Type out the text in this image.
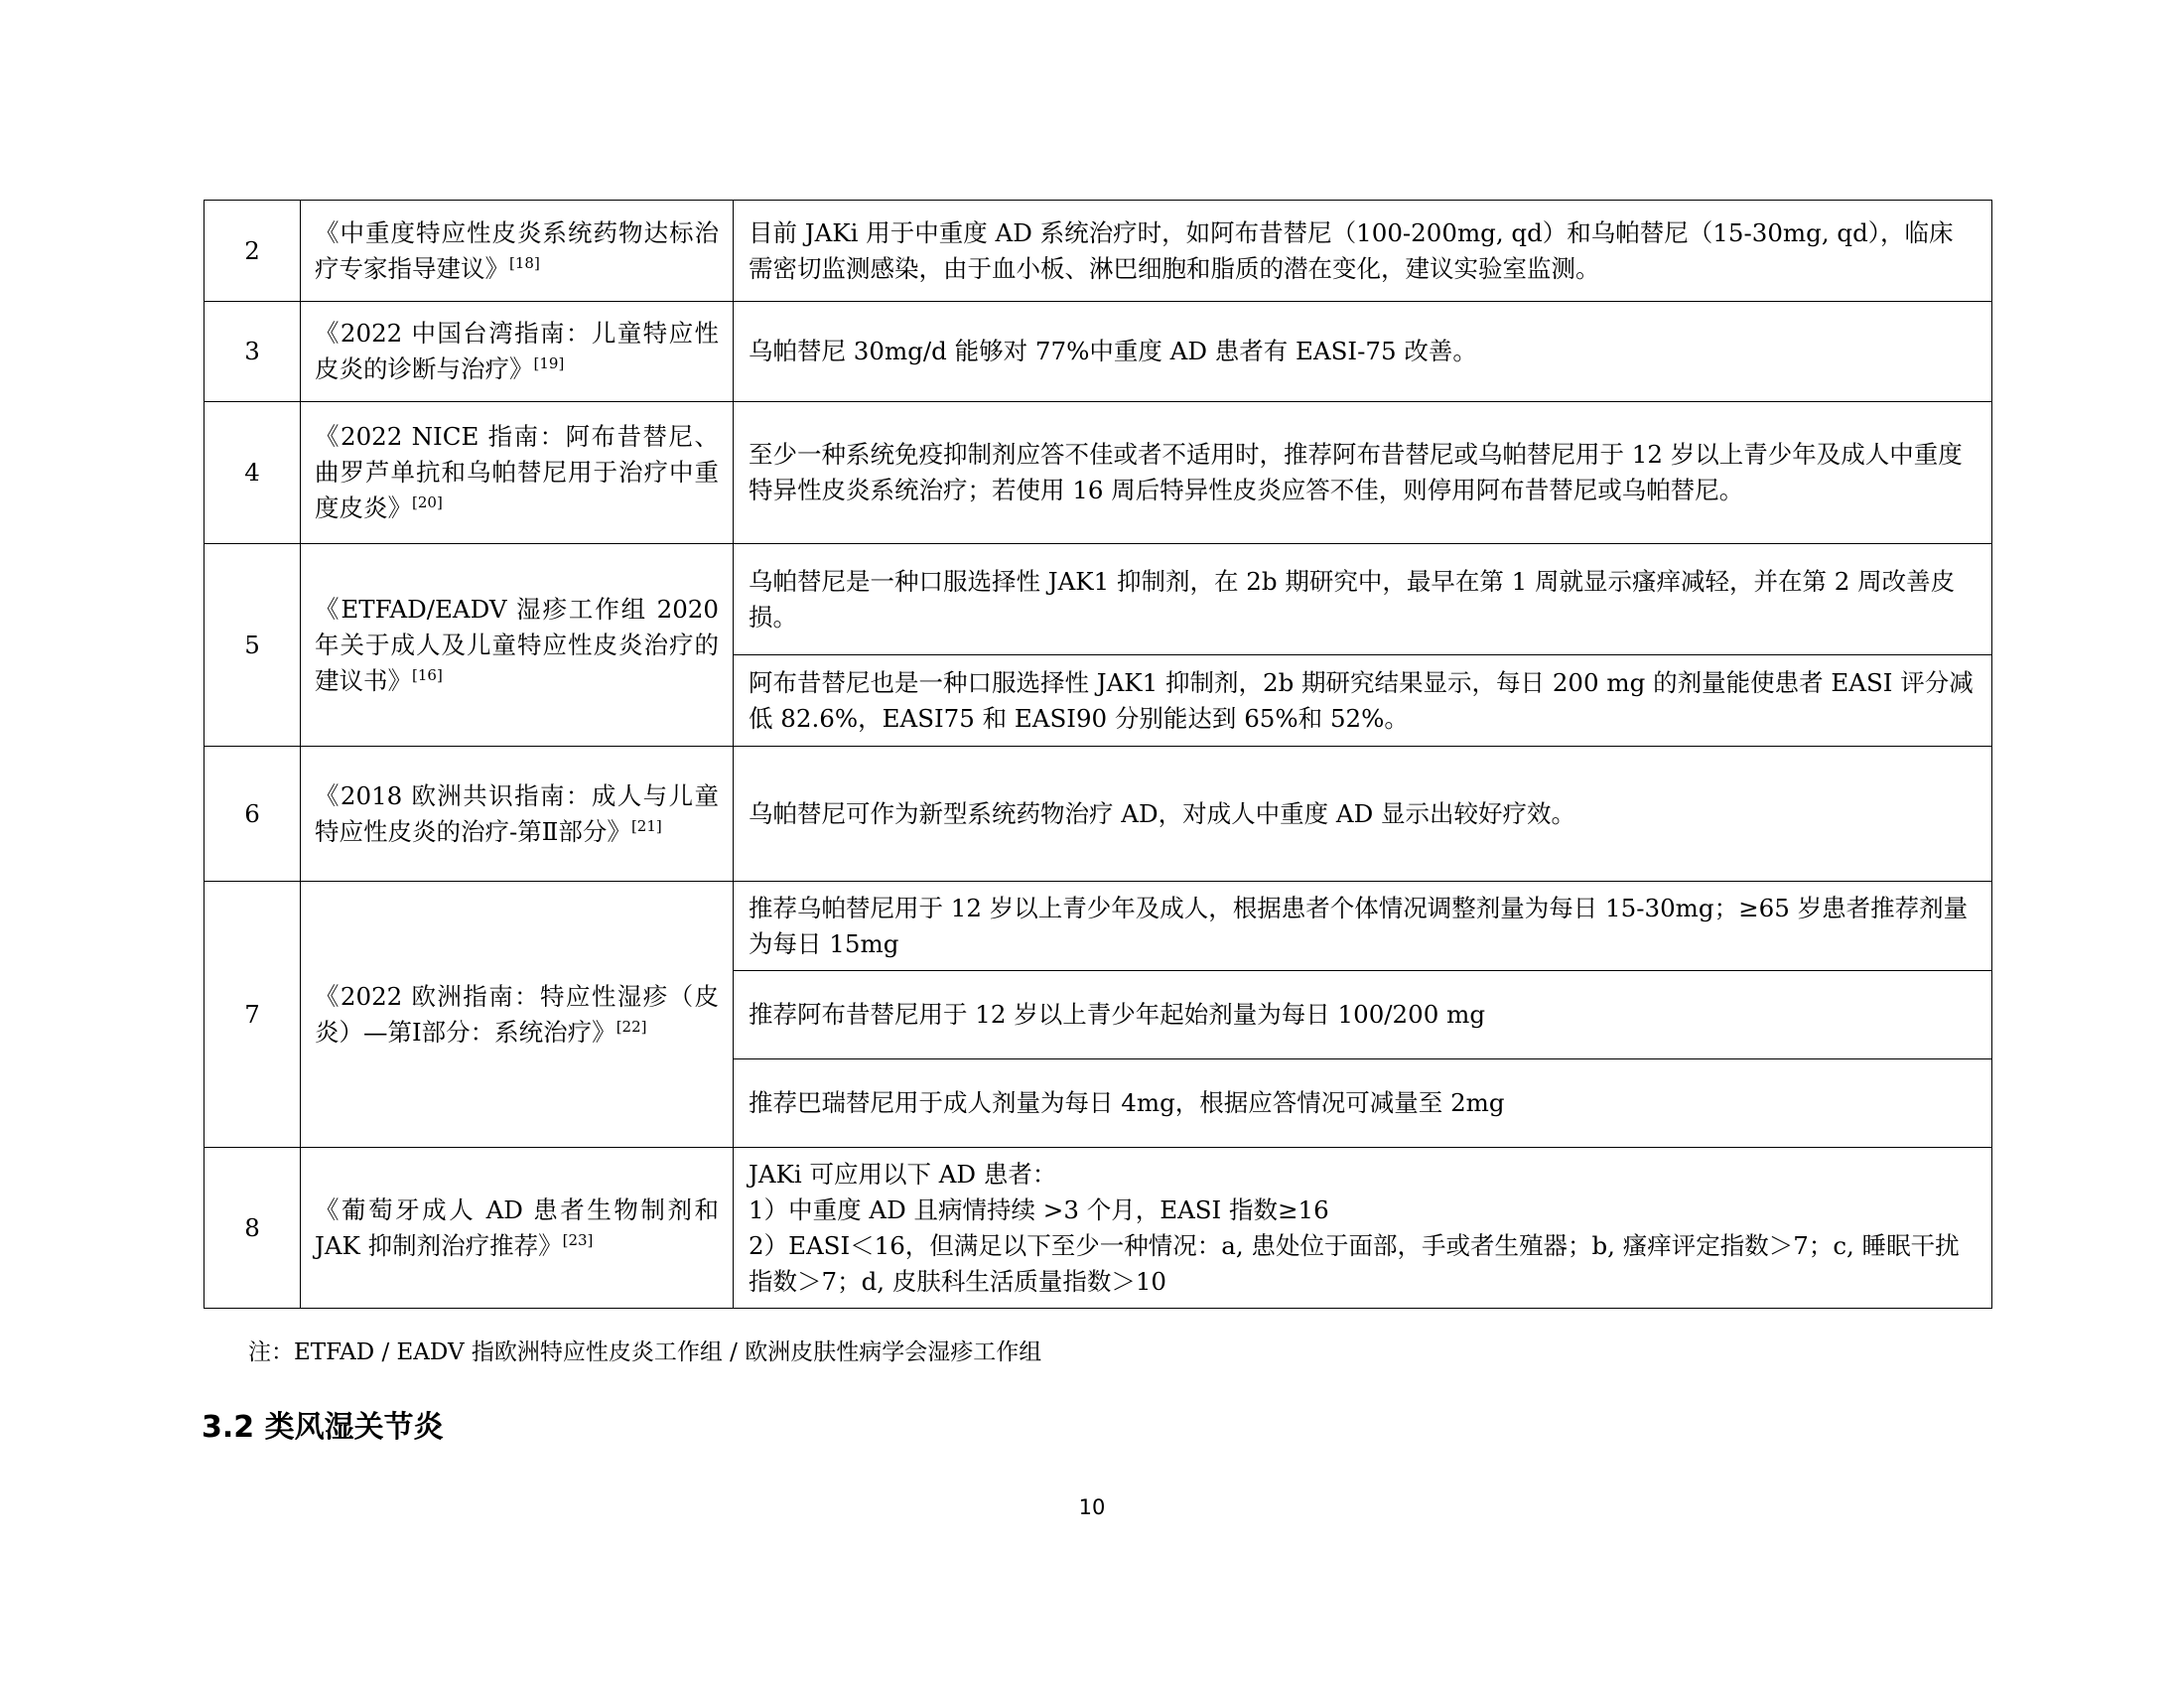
2	《中重度特应性皮炎系统药物达标治疗专家指导建议》[18]	目前 JAKi 用于中重度 AD 系统治疗时，如阿布昔替尼（100-200mg, qd）和乌帕替尼（15-30mg, qd），临床需密切监测感染，由于血小板、淋巴细胞和脂质的潜在变化，建议实验室监测。

3	《2022 中国台湾指南：儿童特应性皮炎的诊断与治疗》[19]	乌帕替尼 30mg/d 能够对 77%中重度 AD 患者有 EASI-75 改善。

4	《2022 NICE 指南：阿布昔替尼、曲罗芦单抗和乌帕替尼用于治疗中重度皮炎》[20]	至少一种系统免疫抑制剂应答不佳或者不适用时，推荐阿布昔替尼或乌帕替尼用于 12 岁以上青少年及成人中重度特异性皮炎系统治疗；若使用 16 周后特异性皮炎应答不佳，则停用阿布昔替尼或乌帕替尼。

5	《ETFAD/EADV 湿疹工作组 2020 年关于成人及儿童特应性皮炎治疗的建议书》[16]	乌帕替尼是一种口服选择性 JAK1 抑制剂，在 2b 期研究中，最早在第 1 周就显示瘙痒减轻，并在第 2 周改善皮损。

		阿布昔替尼也是一种口服选择性 JAK1 抑制剂，2b 期研究结果显示，每日 200 mg 的剂量能使患者 EASI 评分减低 82.6%，EASI75 和 EASI90 分别能达到 65%和 52%。

6	《2018 欧洲共识指南：成人与儿童特应性皮炎的治疗-第Ⅱ部分》[21]	乌帕替尼可作为新型系统药物治疗 AD，对成人中重度 AD 显示出较好疗效。

7	《2022 欧洲指南：特应性湿疹（皮炎）—第Ⅰ部分：系统治疗》[22]	推荐乌帕替尼用于 12 岁以上青少年及成人，根据患者个体情况调整剂量为每日 15-30mg；≥65 岁患者推荐剂量为每日 15mg

		推荐阿布昔替尼用于 12 岁以上青少年起始剂量为每日 100/200 mg

		推荐巴瑞替尼用于成人剂量为每日 4mg，根据应答情况可减量至 2mg

8	《葡萄牙成人 AD 患者生物制剂和 JAK 抑制剂治疗推荐》[23]	JAKi 可应用以下 AD 患者：
1）中重度 AD 且病情持续 >3 个月，EASI 指数≥16
2）EASI＜16，但满足以下至少一种情况：a, 患处位于面部，手或者生殖器；b, 瘙痒评定指数＞7；c, 睡眠干扰指数＞7；d, 皮肤科生活质量指数＞10
注：ETFAD / EADV 指欧洲特应性皮炎工作组 / 欧洲皮肤性病学会湿疹工作组
3.2 类风湿关节炎
10
